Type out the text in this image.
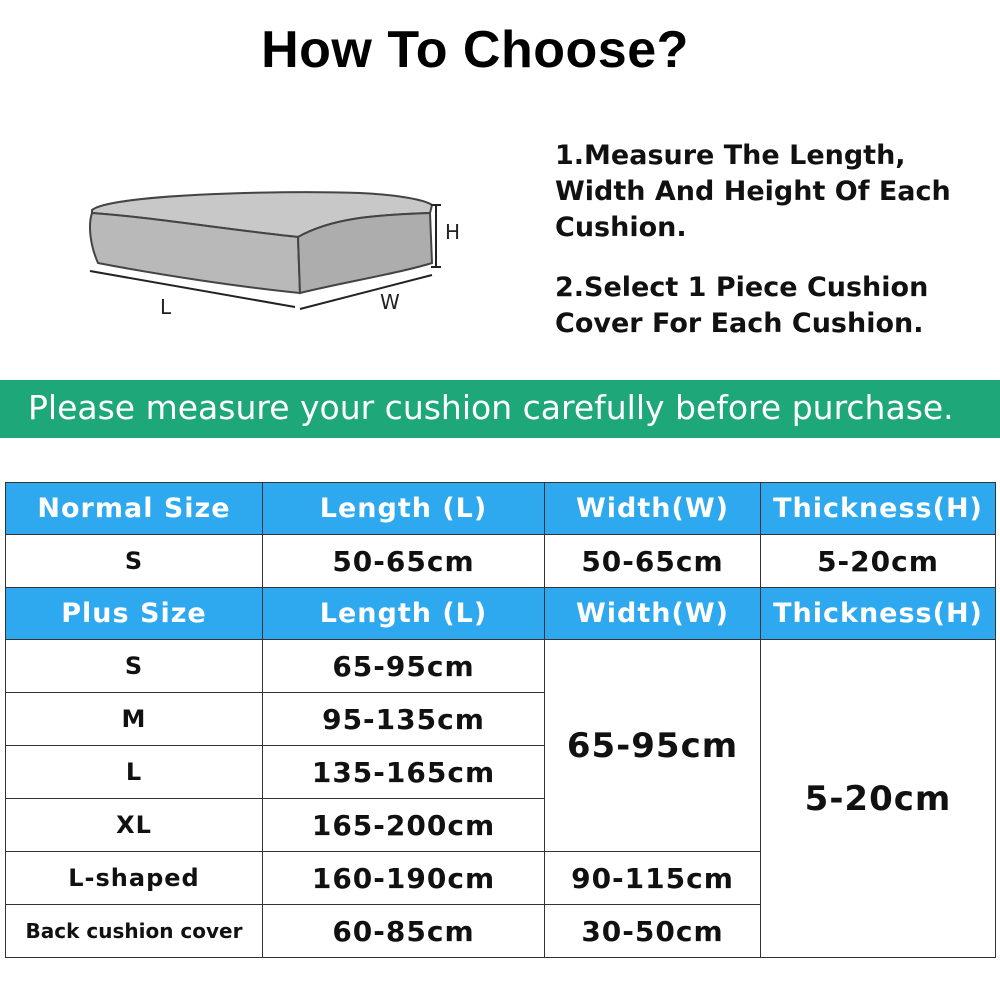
How To Choose?
H
L	W

1.Measure The Length, Width And Height Of Each Cushion.

2.Select 1 Piece Cushion Cover For Each Cushion.

Please measure your cushion carefully before purchase.
Normal Size	Length (L)	Width(W)	Thickness(H)
S	50-65cm	50-65cm	5-20cm
Plus Size	Length (L)	Width(W)	Thickness(H)
S	65-95cm	65-95cm	5-20cm
M	95-135cm		
L	135-165cm		
XL	165-200cm		
L-shaped	160-190cm	90-115cm	
Back cushion cover	60-85cm	30-50cm	
